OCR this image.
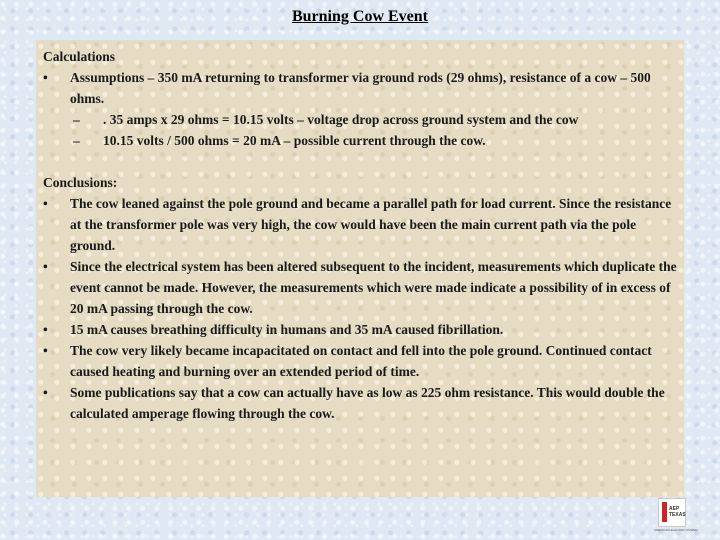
Burning Cow Event
Calculations
•	Assumptions – 350 mA returning to transformer via ground rods (29 ohms), resistance of a cow – 500 ohms.
– . 35 amps x 29 ohms = 10.15 volts – voltage drop across ground system and the cow
– 10.15 volts / 500 ohms = 20 mA – possible current through the cow.
Conclusions:
•	The cow leaned against the pole ground and became a parallel path for load current. Since the resistance at the transformer pole was very high, the cow would have been the main current path via the pole ground.
•	Since the electrical system has been altered subsequent to the incident, measurements which duplicate the event cannot be made. However, the measurements which were made indicate a possibility of in excess of 20 mA passing through the cow.
•	15 mA causes breathing difficulty in humans and 35 mA caused fibrillation.
•	The cow very likely became incapacitated on contact and fell into the pole ground. Continued contact caused heating and burning over an extended period of time.
•	Some publications say that a cow can actually have as low as 225 ohm resistance. This would double the calculated amperage flowing through the cow.
AEP
TEXAS
AMERICAN ELECTRIC POWER
